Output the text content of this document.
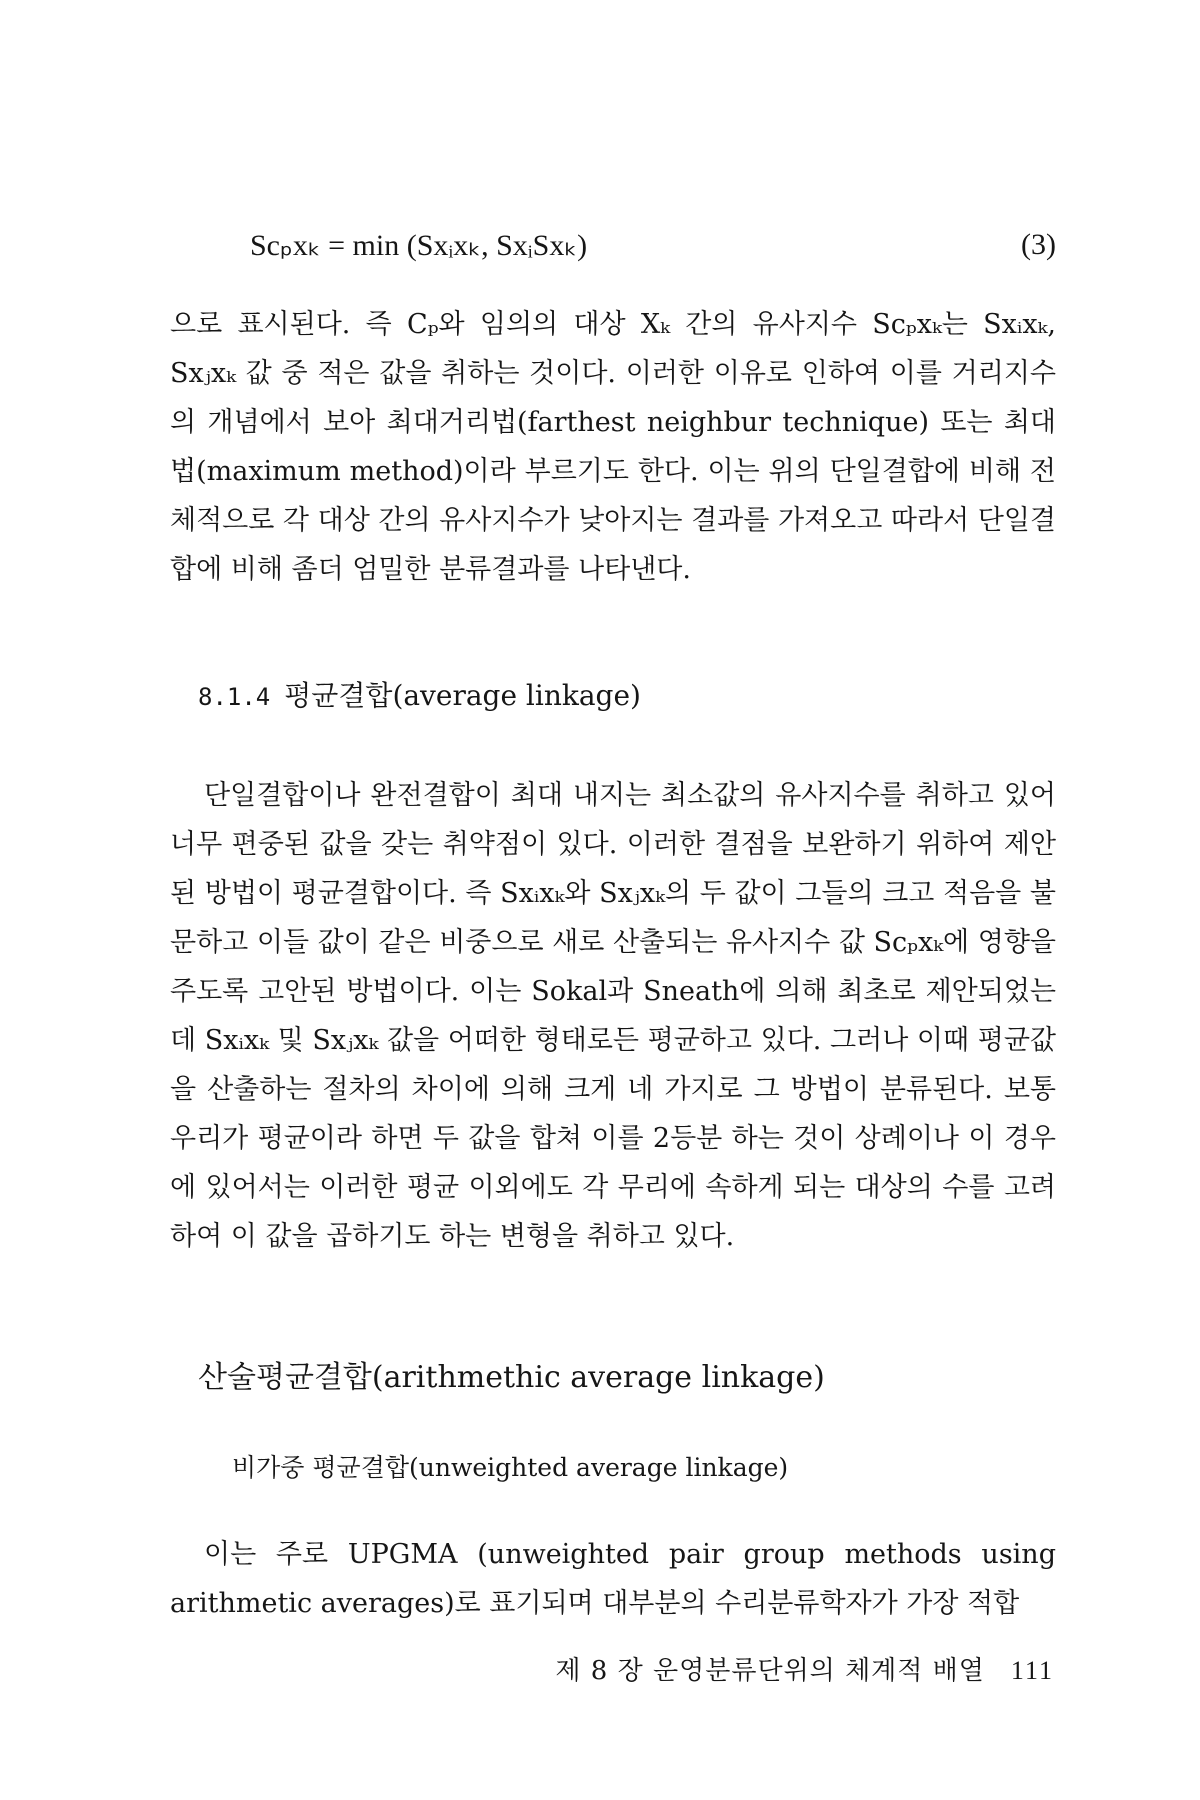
Scₚxₖ = min (Sxᵢxₖ, SxᵢSxₖ)	(3)

으로 표시된다. 즉 Cₚ와 임의의 대상 Xₖ 간의 유사지수 Scₚxₖ는 Sxᵢxₖ, Sxⱼxₖ 값 중 적은 값을 취하는 것이다. 이러한 이유로 인하여 이를 거리지수의 개념에서 보아 최대거리법(farthest neighbur technique) 또는 최대법(maximum method)이라 부르기도 한다. 이는 위의 단일결합에 비해 전체적으로 각 대상 간의 유사지수가 낮아지는 결과를 가져오고 따라서 단일결합에 비해 좀더 엄밀한 분류결과를 나타낸다.

8.1.4 평균결합(average linkage)

단일결합이나 완전결합이 최대 내지는 최소값의 유사지수를 취하고 있어 너무 편중된 값을 갖는 취약점이 있다. 이러한 결점을 보완하기 위하여 제안된 방법이 평균결합이다. 즉 Sxᵢxₖ와 Sxⱼxₖ의 두 값이 그들의 크고 적음을 불문하고 이들 값이 같은 비중으로 새로 산출되는 유사지수 값 Scₚxₖ에 영향을 주도록 고안된 방법이다. 이는 Sokal과 Sneath에 의해 최초로 제안되었는데 Sxᵢxₖ 및 Sxⱼxₖ 값을 어떠한 형태로든 평균하고 있다. 그러나 이때 평균값을 산출하는 절차의 차이에 의해 크게 네 가지로 그 방법이 분류된다. 보통 우리가 평균이라 하면 두 값을 합쳐 이를 2등분 하는 것이 상례이나 이 경우에 있어서는 이러한 평균 이외에도 각 무리에 속하게 되는 대상의 수를 고려하여 이 값을 곱하기도 하는 변형을 취하고 있다.

산술평균결합(arithmethic average linkage)
비가중 평균결합(unweighted average linkage)

이는 주로 UPGMA (unweighted pair group methods using arithmetic averages)로 표기되며 대부분의 수리분류학자가 가장 적합

제 8 장 운영분류단위의 체계적 배열 111
